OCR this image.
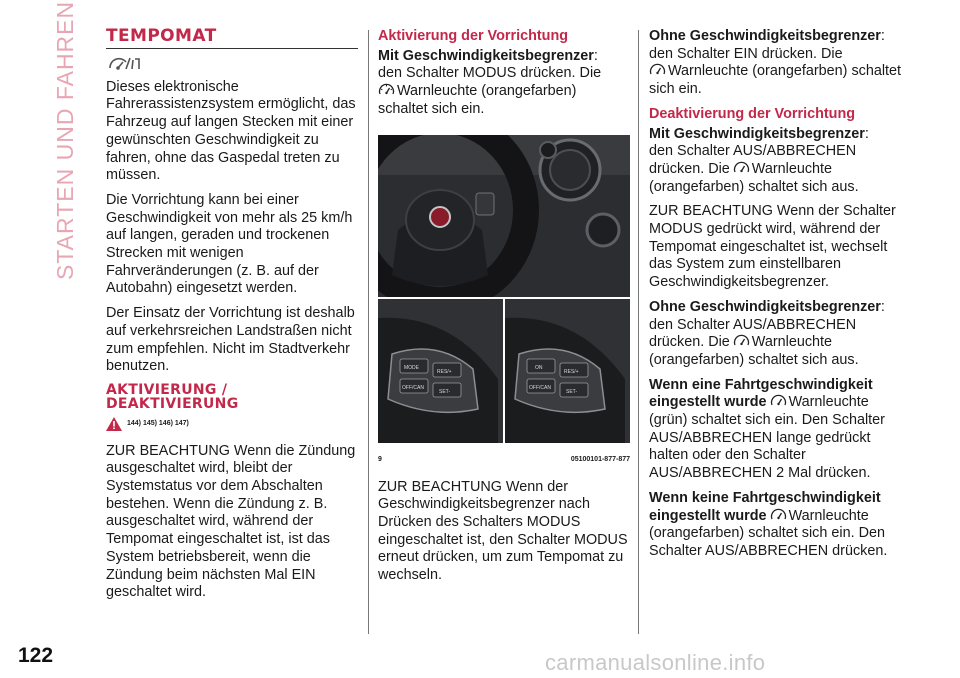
STARTEN UND FAHREN	TEMPOMAT

Dieses elektronische Fahrerassistenzsystem ermöglicht, das Fahrzeug auf langen Stecken mit einer gewünschten Geschwindigkeit zu fahren, ohne das Gaspedal treten zu müssen.

Die Vorrichtung kann bei einer Geschwindigkeit von mehr als 25 km/h auf langen, geraden und trockenen Strecken mit wenigen Fahrveränderungen (z. B. auf der Autobahn) eingesetzt werden.

Der Einsatz der Vorrichtung ist deshalb auf verkehrsreichen Landstraßen nicht zum empfehlen. Nicht im Stadtverkehr benutzen.

AKTIVIERUNG /
DEAKTIVIERUNG
144) 145) 146) 147)

ZUR BEACHTUNG Wenn die Zündung ausgeschaltet wird, bleibt der Systemstatus vor dem Abschalten bestehen. Wenn die Zündung z. B. ausgeschaltet wird, während der Tempomat eingeschaltet ist, ist das System betriebsbereit, wenn die Zündung beim nächsten Mal EIN geschaltet wird.

Aktivierung der Vorrichtung
Mit Geschwindigkeitsbegrenzer:
den Schalter MODUS drücken. Die
Warnleuchte (orangefarben) schaltet sich ein.
MODE
RES/+
OFF/CAN
SET-
ON
RES/+
OFF/CAN
SET-
9	05100101-877-877

ZUR BEACHTUNG Wenn der Geschwindigkeitsbegrenzer nach Drücken des Schalters MODUS eingeschaltet ist, den Schalter MODUS erneut drücken, um zum Tempomat zu wechseln.

Ohne Geschwindigkeitsbegrenzer:
den Schalter EIN drücken. Die
Warnleuchte (orangefarben) schaltet sich ein.

Deaktivierung der Vorrichtung

Mit Geschwindigkeitsbegrenzer:
den Schalter AUS/ABBRECHEN drücken. Die Warnleuchte (orangefarben) schaltet sich aus.

ZUR BEACHTUNG Wenn der Schalter MODUS gedrückt wird, während der Tempomat eingeschaltet ist, wechselt das System zum einstellbaren Geschwindigkeitsbegrenzer.

Ohne Geschwindigkeitsbegrenzer:
den Schalter AUS/ABBRECHEN drücken. Die Warnleuchte (orangefarben) schaltet sich aus.

Wenn eine Fahrtgeschwindigkeit eingestellt wurde Warnleuchte (grün) schaltet sich ein. Den Schalter AUS/ABBRECHEN lange gedrückt halten oder den Schalter AUS/ABBRECHEN 2 Mal drücken.

Wenn keine Fahrtgeschwindigkeit eingestellt wurde Warnleuchte (orangefarben) schaltet sich ein. Den Schalter AUS/ABBRECHEN drücken.

122	carmanualsonline.info
